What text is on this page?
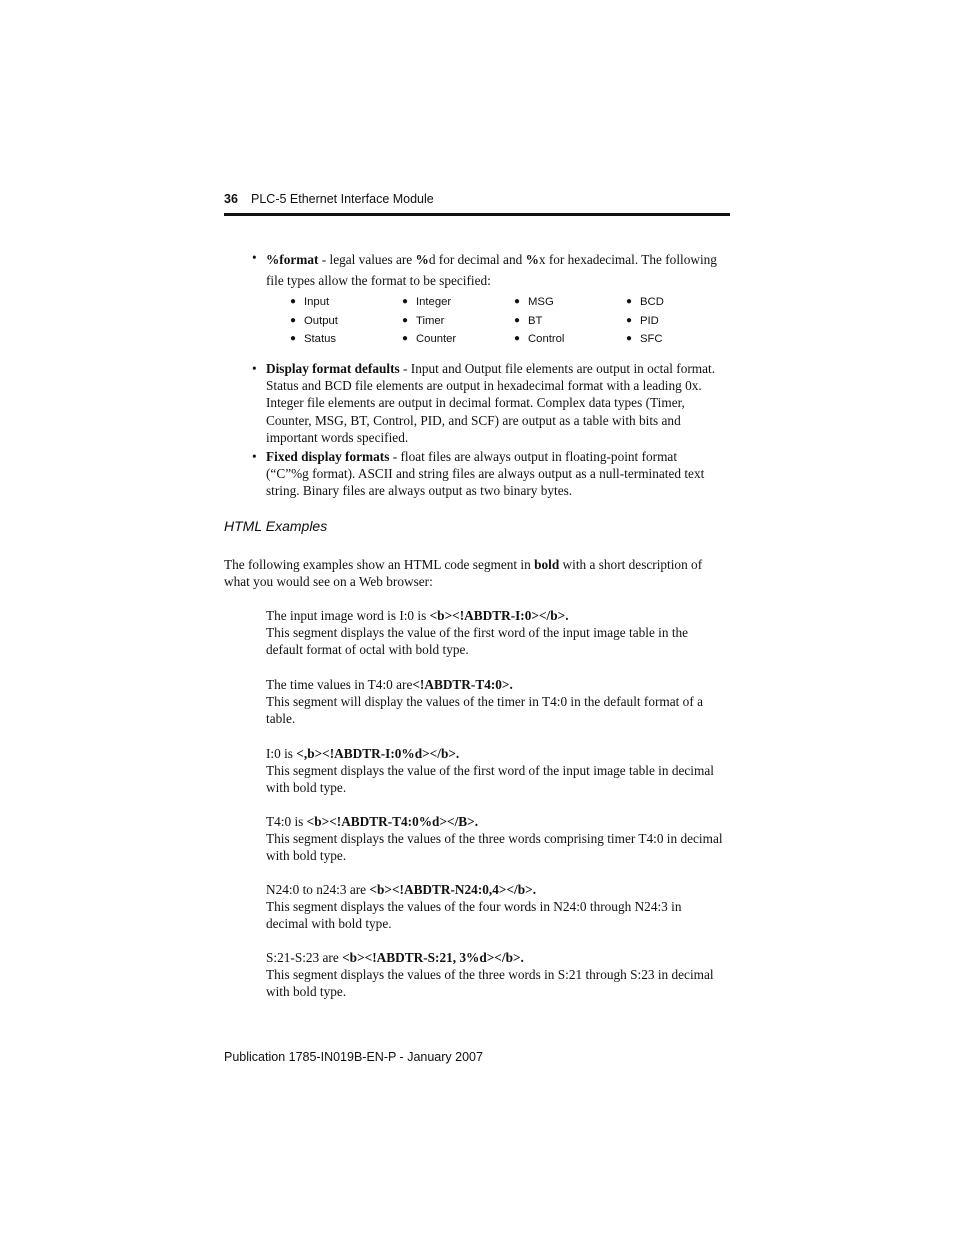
36 PLC-5 Ethernet Interface Module
• %format - legal values are %d for decimal and %x for hexadecimal. The following
file types allow the format to be specified:
● Input	● Integer	● MSG	● BCD
● Output	● Timer	● BT	● PID
● Status	● Counter	● Control	● SFC
• Display format defaults - Input and Output file elements are output in octal format.
Status and BCD file elements are output in hexadecimal format with a leading 0x.
Integer file elements are output in decimal format. Complex data types (Timer,
Counter, MSG, BT, Control, PID, and SCF) are output as a table with bits and
important words specified.
• Fixed display formats - float files are always output in floating-point format
(“C”%g format). ASCII and string files are always output as a null-terminated text
string. Binary files are always output as two binary bytes.
HTML Examples
The following examples show an HTML code segment in bold with a short description of
what you would see on a Web browser:
The input image word is I:0 is <b><!ABDTR-I:0></b>.
This segment displays the value of the first word of the input image table in the
default format of octal with bold type.
The time values in T4:0 are<!ABDTR-T4:0>.
This segment will display the values of the timer in T4:0 in the default format of a
table.
I:0 is <,b><!ABDTR-I:0%d></b>.
This segment displays the value of the first word of the input image table in decimal
with bold type.
T4:0 is <b><!ABDTR-T4:0%d></B>.
This segment displays the values of the three words comprising timer T4:0 in decimal
with bold type.
N24:0 to n24:3 are <b><!ABDTR-N24:0,4></b>.
This segment displays the values of the four words in N24:0 through N24:3 in
decimal with bold type.
S:21-S:23 are <b><!ABDTR-S:21, 3%d></b>.
This segment displays the values of the three words in S:21 through S:23 in decimal
with bold type.
Publication 1785-IN019B-EN-P - January 2007
